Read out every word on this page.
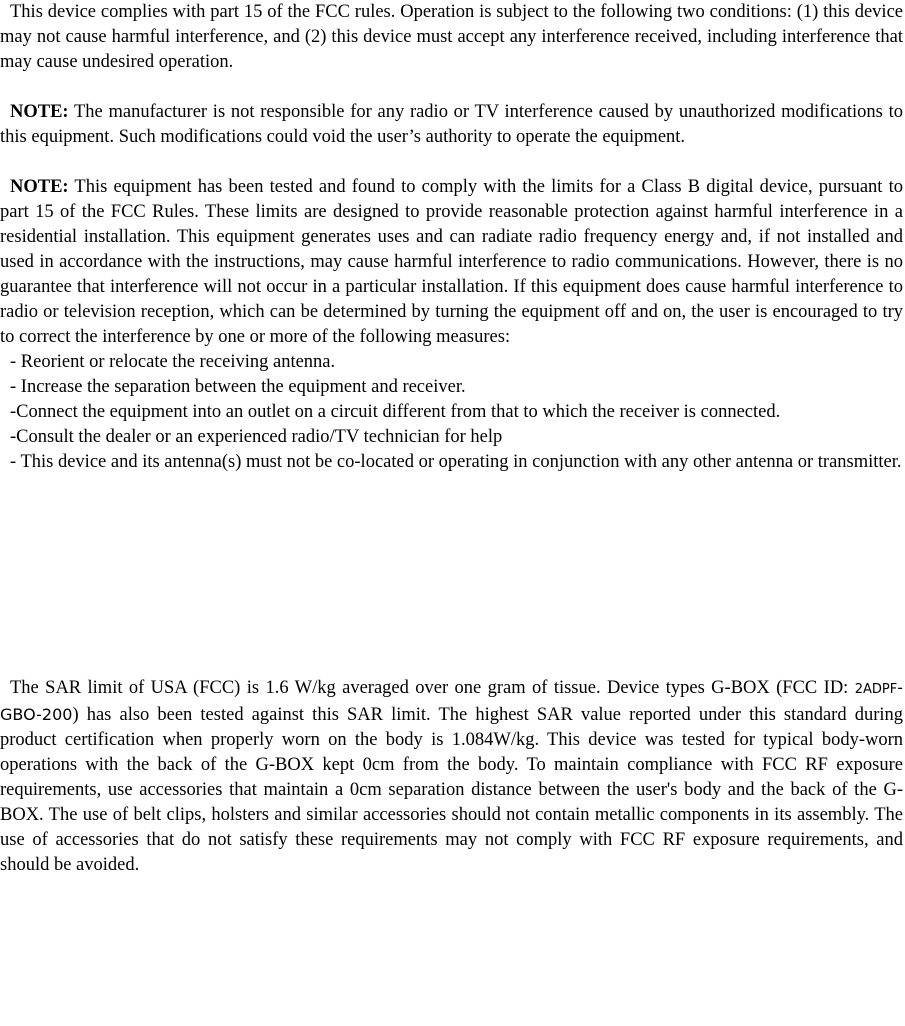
This device complies with part 15 of the FCC rules. Operation is subject to the following two conditions: (1) this device may not cause harmful interference, and (2) this device must accept any interference received, including interference that may cause undesired operation.

NOTE: The manufacturer is not responsible for any radio or TV interference caused by unauthorized modifications to this equipment. Such modifications could void the user’s authority to operate the equipment.

NOTE: This equipment has been tested and found to comply with the limits for a Class B digital device, pursuant to part 15 of the FCC Rules. These limits are designed to provide reasonable protection against harmful interference in a residential installation. This equipment generates uses and can radiate radio frequency energy and, if not installed and used in accordance with the instructions, may cause harmful interference to radio communications. However, there is no guarantee that interference will not occur in a particular installation. If this equipment does cause harmful interference to radio or television reception, which can be determined by turning the equipment off and on, the user is encouraged to try to correct the interference by one or more of the following measures:

- Reorient or relocate the receiving antenna.

- Increase the separation between the equipment and receiver.

-Connect the equipment into an outlet on a circuit different from that to which the receiver is connected.

-Consult the dealer or an experienced radio/TV technician for help

- This device and its antenna(s) must not be co-located or operating in conjunction with any other antenna or transmitter.

The SAR limit of USA (FCC) is 1.6 W/kg averaged over one gram of tissue. Device types G-BOX (FCC ID: 2ADPF-GBO-200) has also been tested against this SAR limit. The highest SAR value reported under this standard during product certification when properly worn on the body is 1.084W/kg. This device was tested for typical body-worn operations with the back of the G-BOX kept 0cm from the body. To maintain compliance with FCC RF exposure requirements, use accessories that maintain a 0cm separation distance between the user's body and the back of the G-BOX. The use of belt clips, holsters and similar accessories should not contain metallic components in its assembly. The use of accessories that do not satisfy these requirements may not comply with FCC RF exposure requirements, and should be avoided.
